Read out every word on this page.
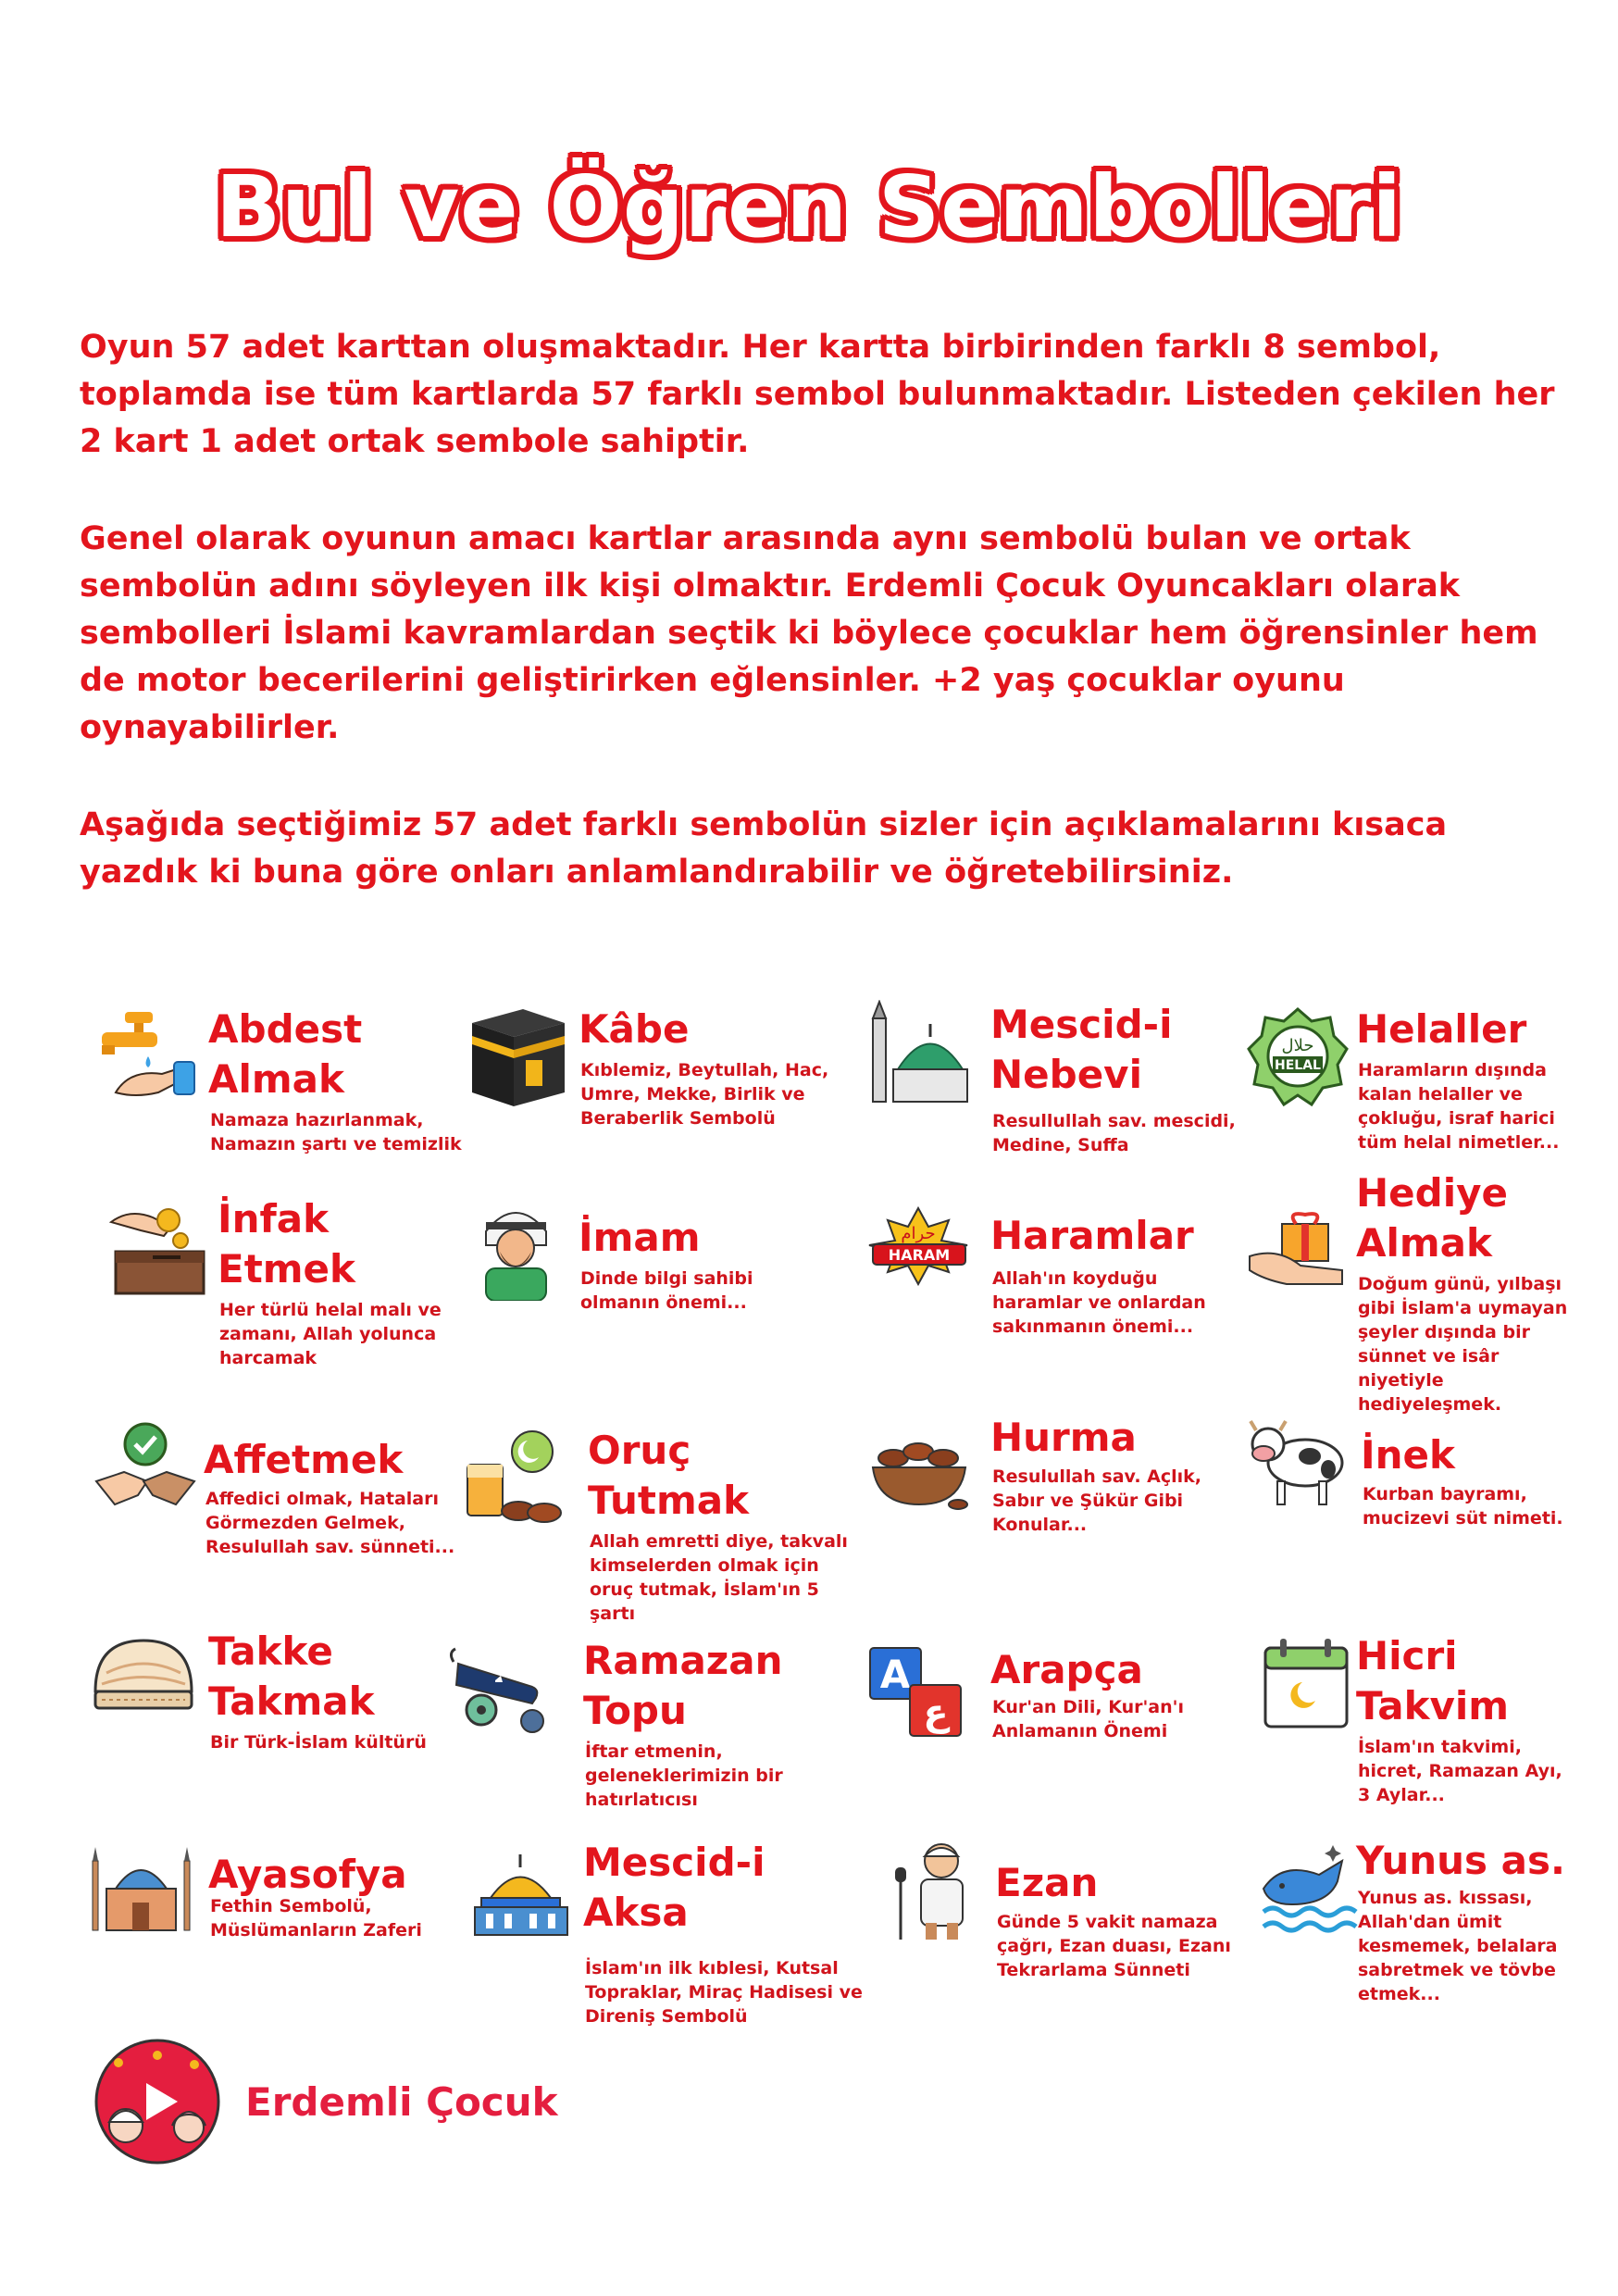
Bul ve Öğren Sembolleri

Oyun 57 adet karttan oluşmaktadır. Her kartta birbirinden farklı 8 sembol, toplamda ise tüm kartlarda 57 farklı sembol bulunmaktadır. Listeden çekilen her 2 kart 1 adet ortak sembole sahiptir.

Genel olarak oyunun amacı kartlar arasında aynı sembolü bulan ve ortak sembolün adını söyleyen ilk kişi olmaktır. Erdemli Çocuk Oyuncakları olarak sembolleri İslami kavramlardan seçtik ki böylece çocuklar hem öğrensinler hem de motor becerilerini geliştirirken eğlensinler. +2 yaş çocuklar oyunu oynayabilirler.

Aşağıda seçtiğimiz 57 adet farklı sembolün sizler için açıklamalarını kısaca yazdık ki buna göre onları anlamlandırabilir ve öğretebilirsiniz.

Abdest Almak
Namaza hazırlanmak, Namazın şartı ve temizlik
Kâbe
Kıblemiz, Beytullah, Hac, Umre, Mekke, Birlik ve Beraberlik Sembolü
Mescid-i Nebevi
Resullullah sav. mescidi, Medine, Suffa
حلال
HELAL
Helaller
Haramların dışında kalan helaller ve çokluğu, israf harici tüm helal nimetler...
İnfak Etmek
Her türlü helal malı ve zamanı, Allah yolunca harcamak
İmam
Dinde bilgi sahibi olmanın önemi...
حرام
HARAM Haramlar
Allah'ın koyduğu haramlar ve onlardan sakınmanın önemi...
Hediye Almak
Doğum günü, yılbaşı gibi İslam'a uymayan şeyler dışında bir sünnet ve isâr niyetiyle hediyeleşmek.
Affetmek
Affedici olmak, Hataları Görmezden Gelmek, Resulullah sav. sünneti...
Oruç Tutmak
Allah emretti diye, takvalı kimselerden olmak için oruç tutmak, İslam'ın 5 şartı
Hurma
Resulullah sav. Açlık, Sabır ve Şükür Gibi Konular...
İnek
Kurban bayramı, mucizevi süt nimeti.
Takke Takmak
Bir Türk-İslam kültürü
Ramazan Topu
İftar etmenin, geleneklerimizin bir hatırlatıcısı
A
ع
Arapça
Kur'an Dili, Kur'an'ı Anlamanın Önemi
Hicri Takvim
İslam'ın takvimi, hicret, Ramazan Ayı, 3 Aylar...
Ayasofya
Fethin Sembolü, Müslümanların Zaferi
Mescid-i Aksa
İslam'ın ilk kıblesi, Kutsal Topraklar, Miraç Hadisesi ve Direniş Sembolü
Ezan
Günde 5 vakit namaza çağrı, Ezan duası, Ezanı Tekrarlama Sünneti
Yunus as.
Yunus as. kıssası, Allah'dan ümit kesmemek, belalara sabretmek ve tövbe etmek...
Erdemli Çocuk
